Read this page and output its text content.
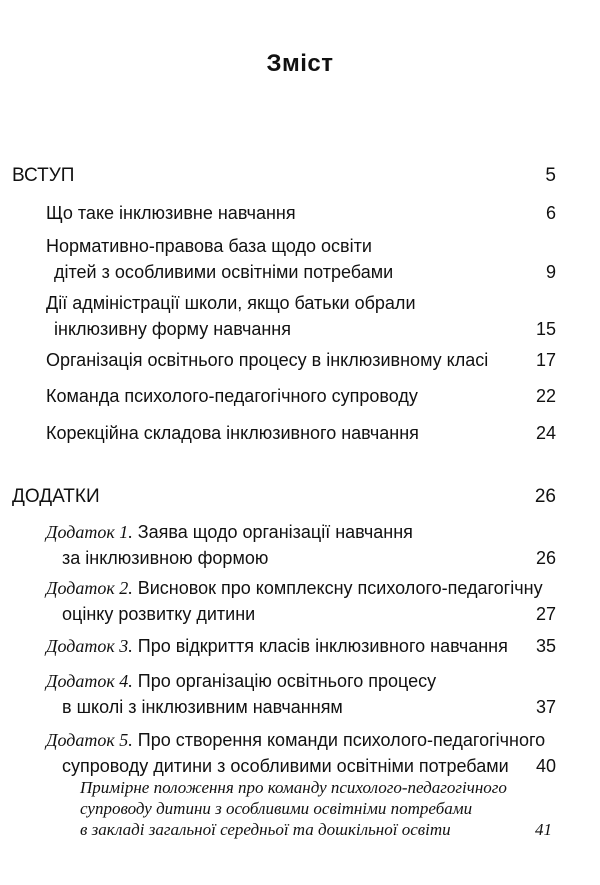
Зміст
ВСТУП	5
Що таке інклюзивне навчання	6
Нормативно-правова база щодо освіти
дітей з особливими освітніми потребами	9
Дії адміністрації школи, якщо батьки обрали
інклюзивну форму навчання	15
Організація освітнього процесу в інклюзивному класі	17
Команда психолого-педагогічного супроводу	22
Корекційна складова інклюзивного навчання	24
ДОДАТКИ	26
Додаток 1. Заява щодо організації навчання
за інклюзивною формою	26
Додаток 2. Висновок про комплексну психолого-педагогічну
оцінку розвитку дитини	27
Додаток 3. Про відкриття класів інклюзивного навчання 35
Додаток 4. Про організацію освітнього процесу
в школі з інклюзивним навчанням	37
Додаток 5. Про створення команди психолого-педагогічного
супроводу дитини з особливими освітніми потребами	40
Примірне положення про команду психолого-педагогічного
супроводу дитини з особливими освітніми потребами
в закладі загальної середньої та дошкільної освіти	41
